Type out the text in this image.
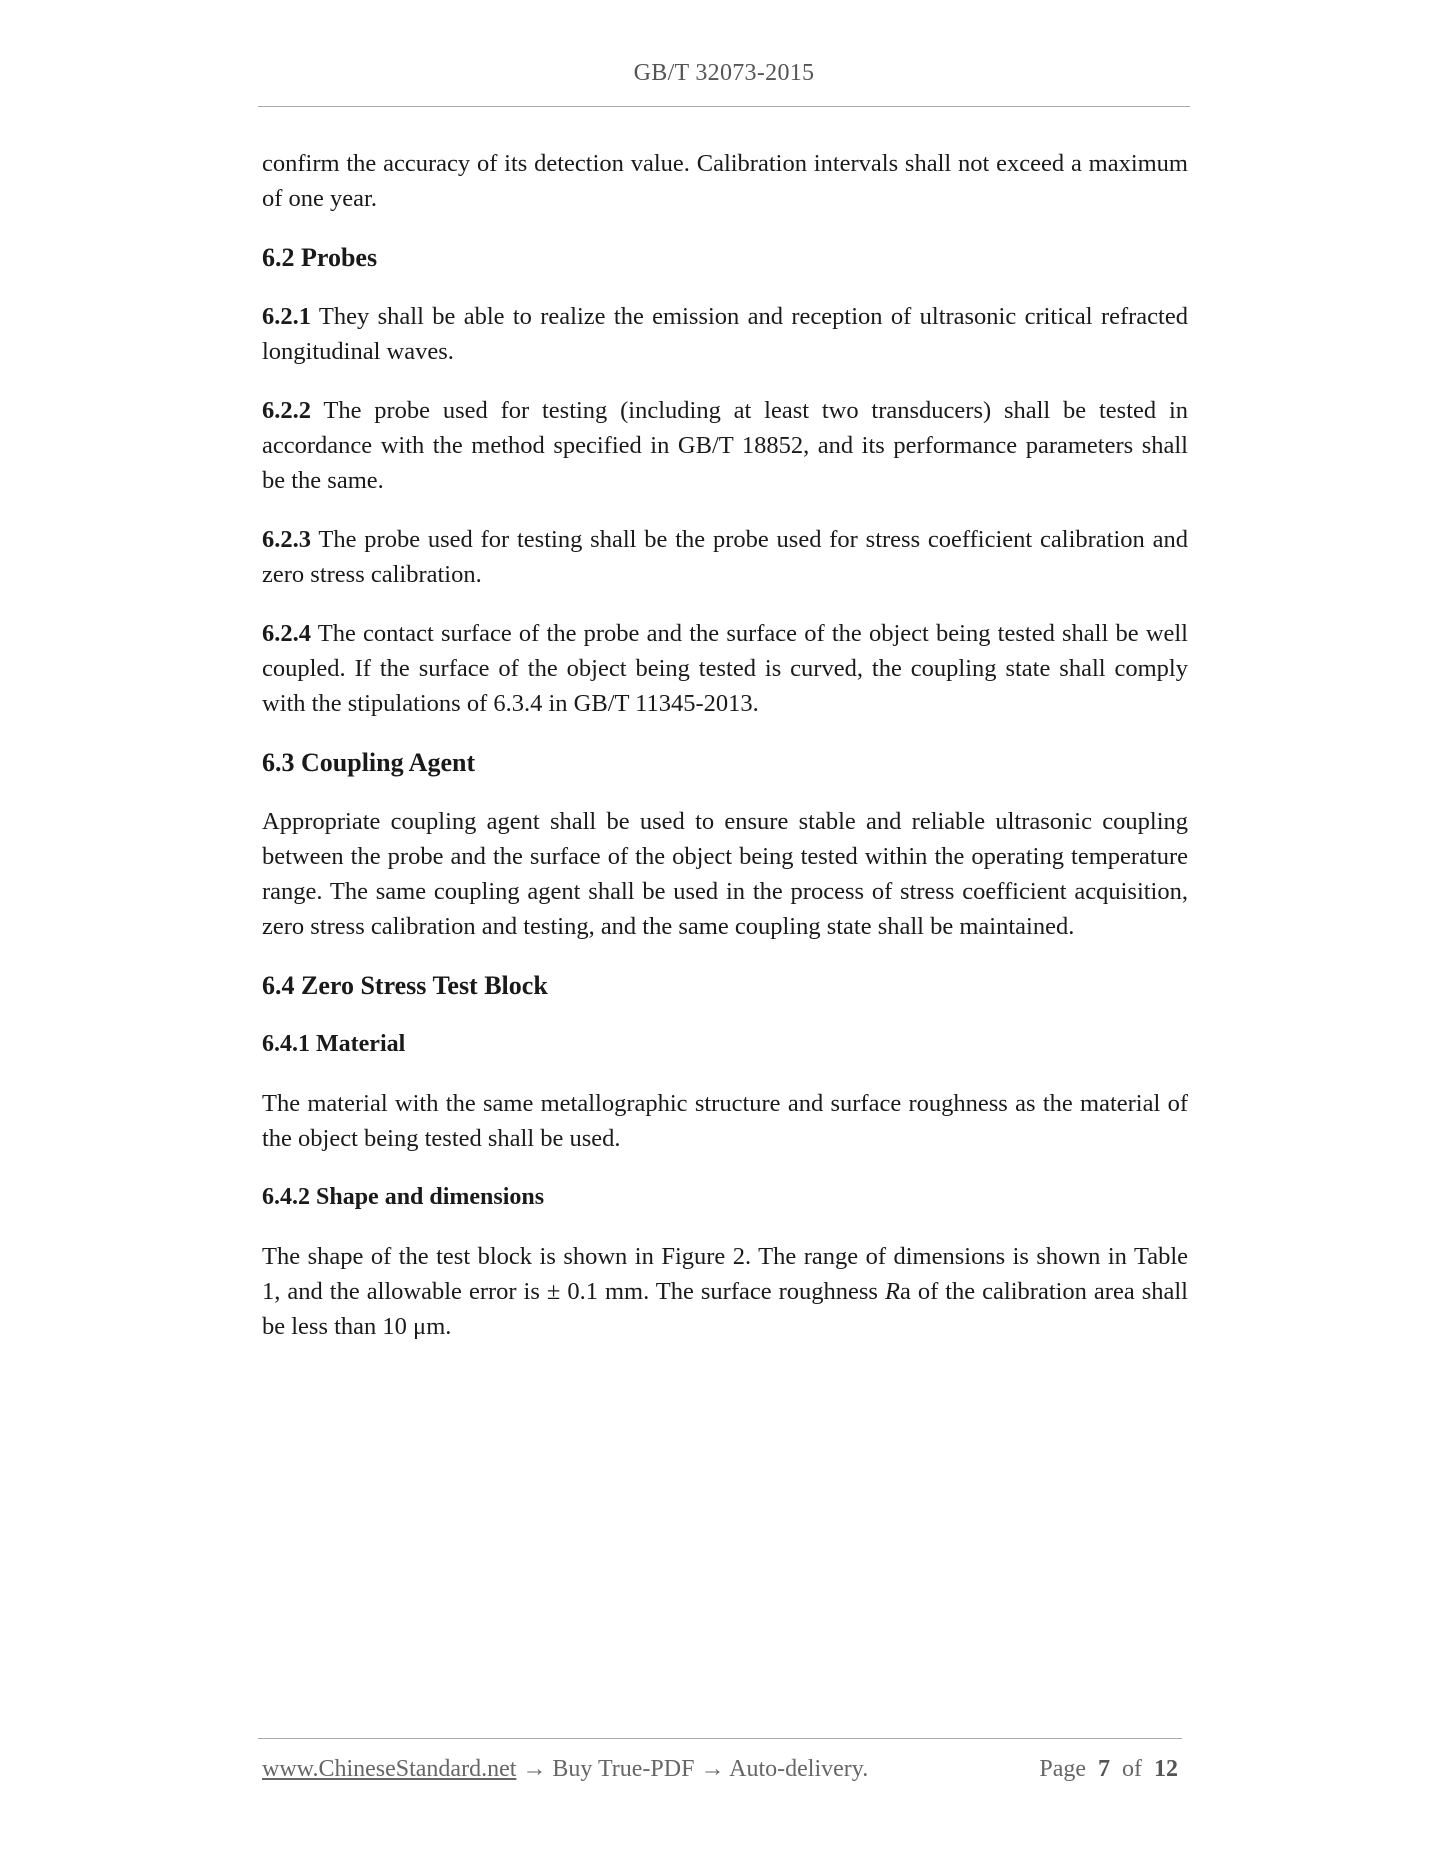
GB/T 32073-2015

confirm the accuracy of its detection value. Calibration intervals shall not exceed a maximum of one year.

6.2 Probes

6.2.1 They shall be able to realize the emission and reception of ultrasonic critical refracted longitudinal waves.

6.2.2 The probe used for testing (including at least two transducers) shall be tested in accordance with the method specified in GB/T 18852, and its performance parameters shall be the same.

6.2.3 The probe used for testing shall be the probe used for stress coefficient calibration and zero stress calibration.

6.2.4 The contact surface of the probe and the surface of the object being tested shall be well coupled. If the surface of the object being tested is curved, the coupling state shall comply with the stipulations of 6.3.4 in GB/T 11345-2013.

6.3 Coupling Agent

Appropriate coupling agent shall be used to ensure stable and reliable ultrasonic coupling between the probe and the surface of the object being tested within the operating temperature range. The same coupling agent shall be used in the process of stress coefficient acquisition, zero stress calibration and testing, and the same coupling state shall be maintained.

6.4 Zero Stress Test Block
6.4.1 Material

The material with the same metallographic structure and surface roughness as the material of the object being tested shall be used.

6.4.2 Shape and dimensions

The shape of the test block is shown in Figure 2. The range of dimensions is shown in Table 1, and the allowable error is ± 0.1 mm. The surface roughness Ra of the calibration area shall be less than 10 μm.

www.ChineseStandard.net → Buy True-PDF → Auto-delivery.	Page 7 of 12
